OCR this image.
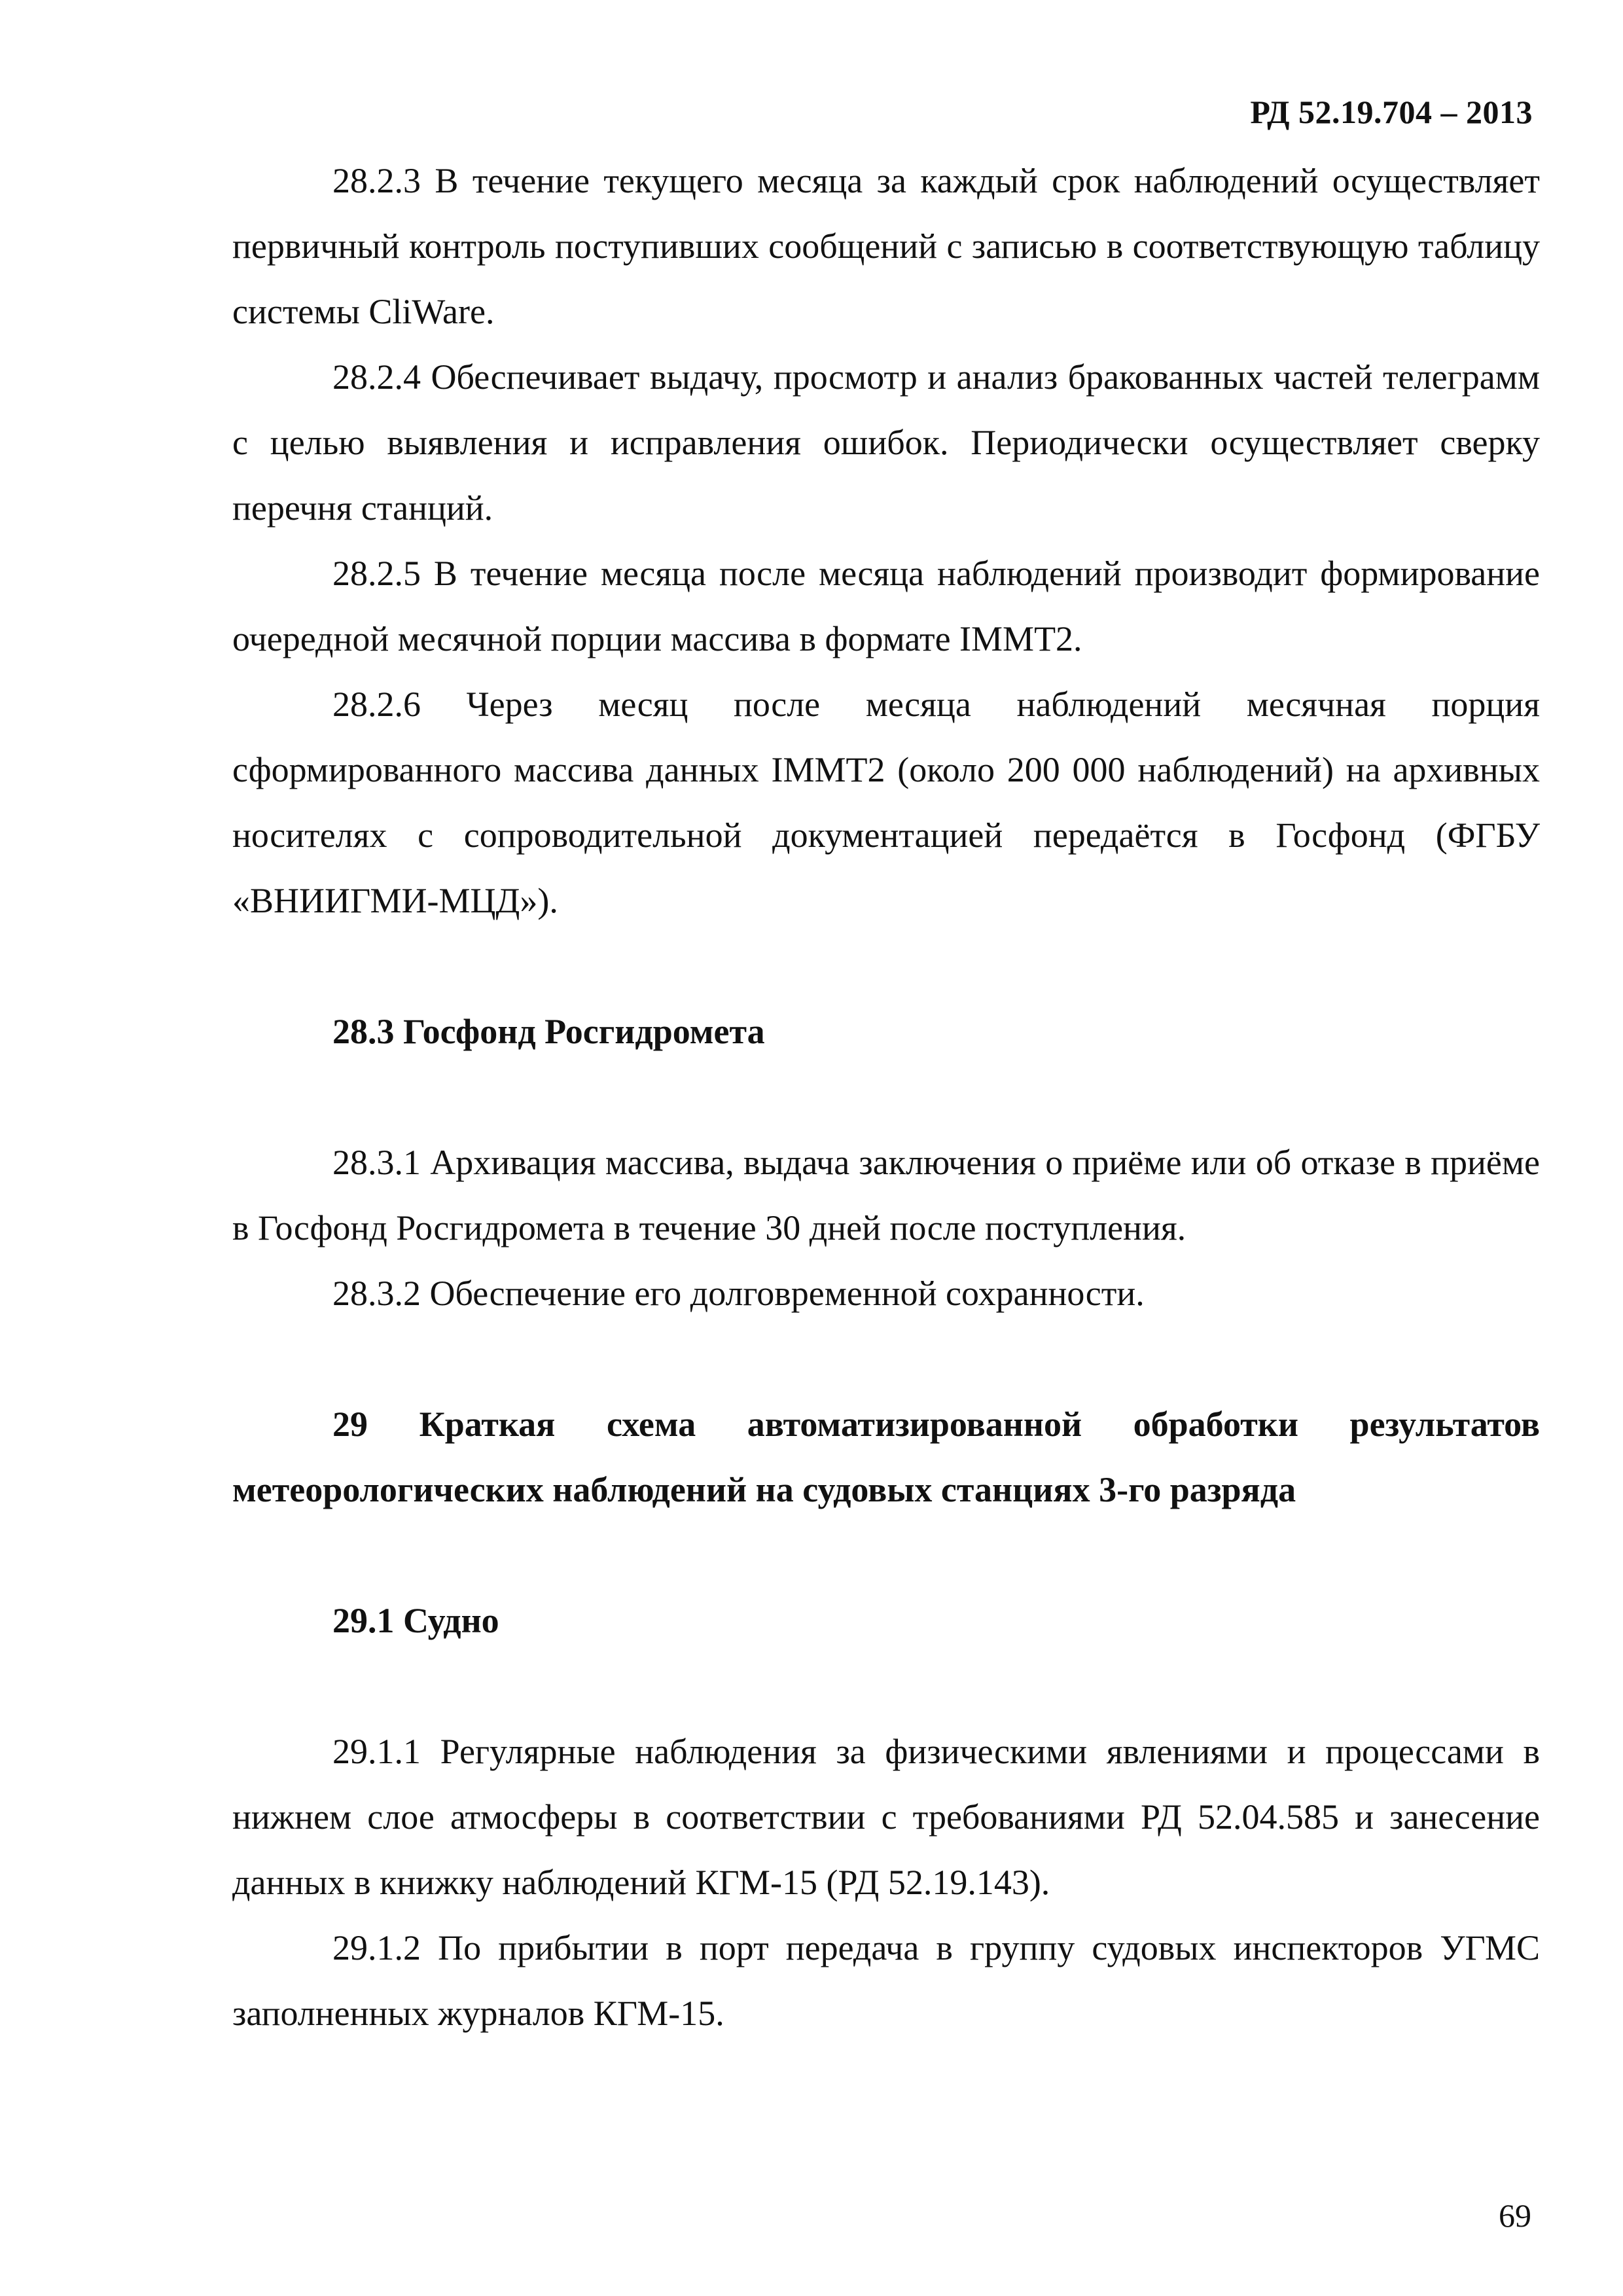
РД 52.19.704 – 2013

28.2.3 В течение текущего месяца за каждый срок наблюдений осуществляет первичный контроль поступивших сообщений с записью в соответствующую таблицу системы CliWare.

28.2.4 Обеспечивает выдачу, просмотр и анализ бракованных частей телеграмм с целью выявления и исправления ошибок. Периодически осуществляет сверку перечня станций.

28.2.5 В течение месяца после месяца наблюдений производит формирование очередной месячной порции массива в формате IMMT2.

28.2.6 Через месяц после месяца наблюдений месячная порция сформированного массива данных IMMT2 (около 200 000 наблюдений) на архивных носителях с сопроводительной документацией передаётся в Госфонд (ФГБУ «ВНИИГМИ-МЦД»).

28.3 Госфонд Росгидромета

28.3.1 Архивация массива, выдача заключения о приёме или об отказе в приёме в Госфонд Росгидромета в течение 30 дней после поступления.

28.3.2 Обеспечение его долговременной сохранности.

29 Краткая схема автоматизированной обработки результатов метеорологических наблюдений на судовых станциях 3-го разряда
29.1 Судно

29.1.1 Регулярные наблюдения за физическими явлениями и процессами в нижнем слое атмосферы в соответствии с требованиями РД 52.04.585 и занесение данных в книжку наблюдений КГМ-15 (РД 52.19.143).

29.1.2 По прибытии в порт передача в группу судовых инспекторов УГМС заполненных журналов КГМ-15.

69
